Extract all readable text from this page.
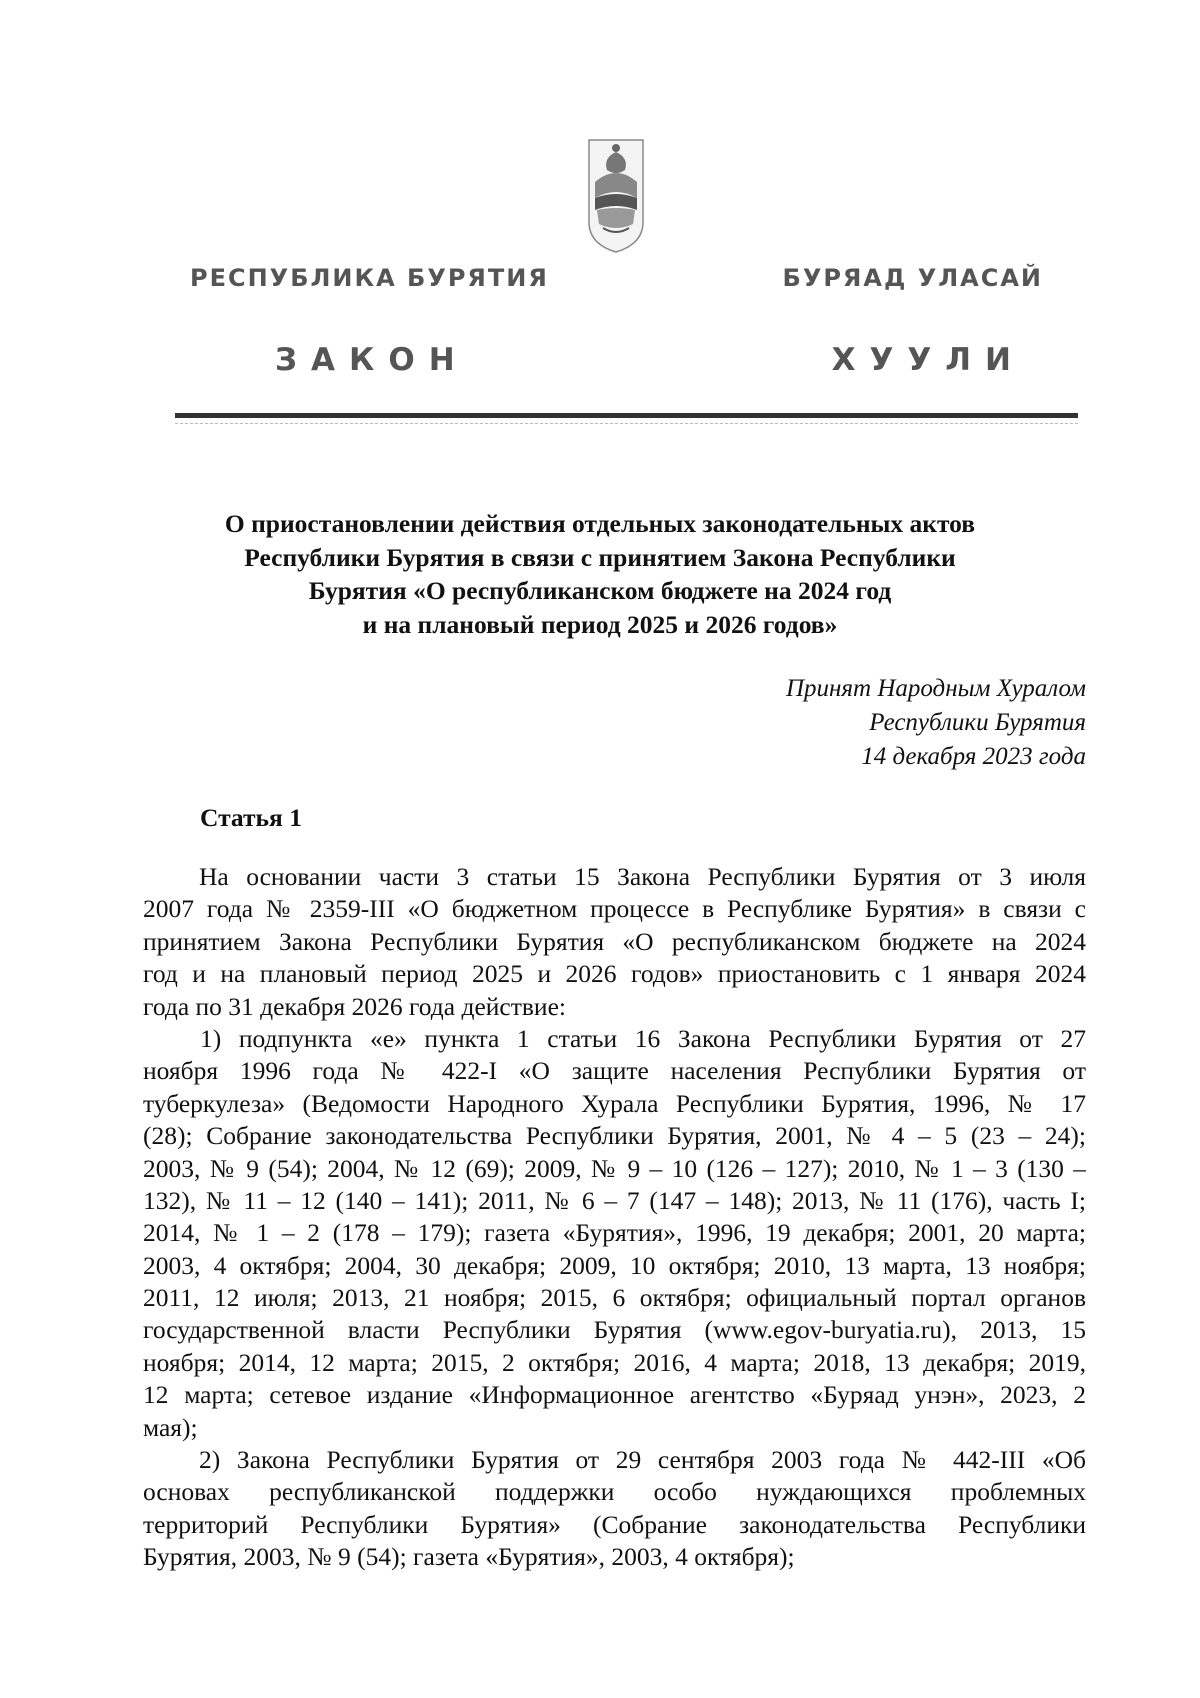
РЕСПУБЛИКА БУРЯТИЯ	БУРЯАД УЛАСАЙ
ЗАКОН	ХУУЛИ
О приостановлении действия отдельных законодательных актов
Республики Бурятия в связи с принятием Закона Республики
Бурятия «О республиканском бюджете на 2024 год
и на плановый период 2025 и 2026 годов»
Принят Народным Хуралом
Республики Бурятия
14 декабря 2023 года
Статья 1
На основании части 3 статьи 15 Закона Республики Бурятия от 3 июля
2007 года № 2359-III «О бюджетном процессе в Республике Бурятия» в связи с
принятием Закона Республики Бурятия «О республиканском бюджете на 2024
год и на плановый период 2025 и 2026 годов» приостановить с 1 января 2024
года по 31 декабря 2026 года действие:
1) подпункта «е» пункта 1 статьи 16 Закона Республики Бурятия от 27
ноября 1996 года № 422-I «О защите населения Республики Бурятия от
туберкулеза» (Ведомости Народного Хурала Республики Бурятия, 1996, № 17
(28); Собрание законодательства Республики Бурятия, 2001, № 4 – 5 (23 – 24);
2003, № 9 (54); 2004, № 12 (69); 2009, № 9 – 10 (126 – 127); 2010, № 1 – 3 (130 –
132), № 11 – 12 (140 – 141); 2011, № 6 – 7 (147 – 148); 2013, № 11 (176), часть I;
2014, № 1 – 2 (178 – 179); газета «Бурятия», 1996, 19 декабря; 2001, 20 марта;
2003, 4 октября; 2004, 30 декабря; 2009, 10 октября; 2010, 13 марта, 13 ноября;
2011, 12 июля; 2013, 21 ноября; 2015, 6 октября; официальный портал органов
государственной власти Республики Бурятия (www.egov-buryatia.ru), 2013, 15
ноября; 2014, 12 марта; 2015, 2 октября; 2016, 4 марта; 2018, 13 декабря; 2019,
12 марта; сетевое издание «Информационное агентство «Буряад унэн», 2023, 2
мая);
2) Закона Республики Бурятия от 29 сентября 2003 года № 442-III «Об
основах республиканской поддержки особо нуждающихся проблемных
территорий Республики Бурятия» (Собрание законодательства Республики
Бурятия, 2003, № 9 (54); газета «Бурятия», 2003, 4 октября);
